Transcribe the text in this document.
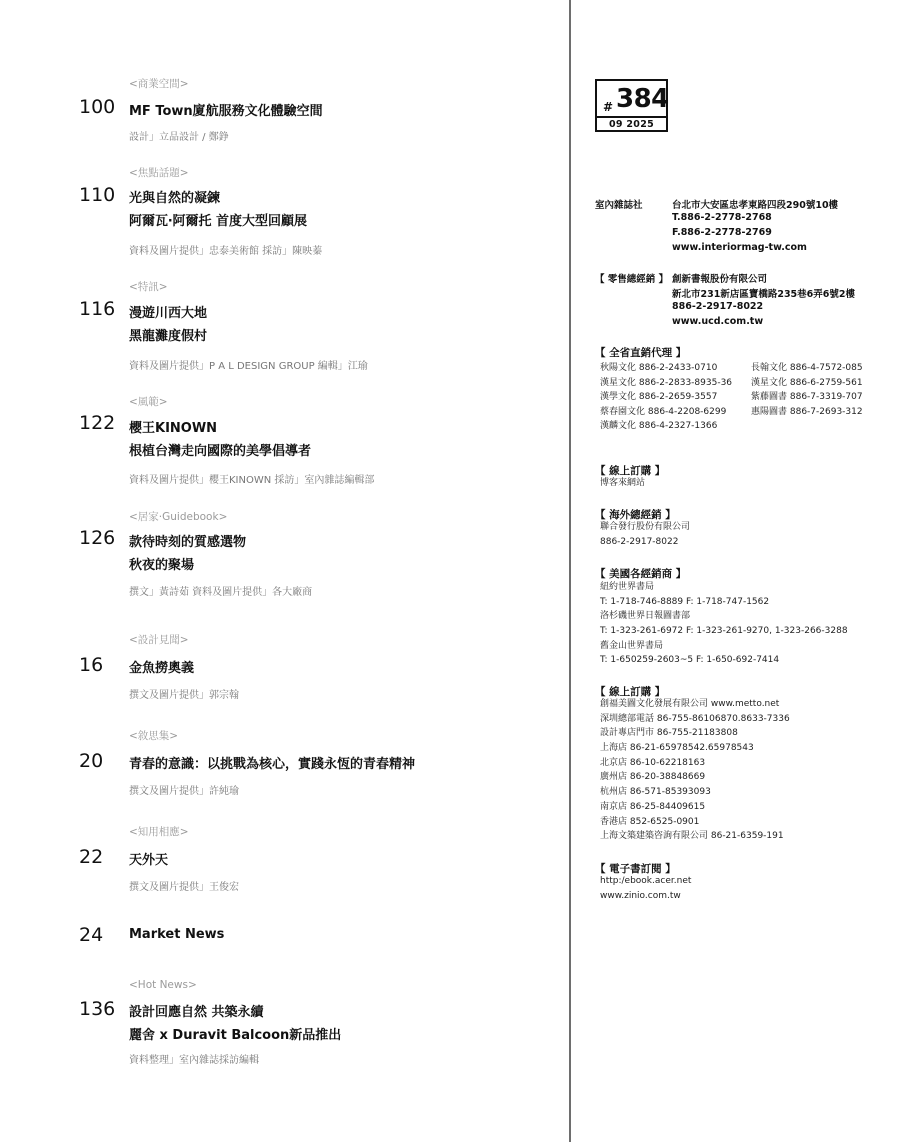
<商業空間>
100 MF Town廈航服務文化體驗空間
設計」立品設計 / 鄭錚
<焦點話題>
110 光與自然的凝鍊
阿爾瓦‧阿爾托 首度大型回顧展
資料及圖片提供」忠泰美術館 採訪」陳映蓁
<特訊>
116 漫遊川西大地
黑龍灘度假村
資料及圖片提供」P A L DESIGN GROUP 編輯」江瑜
<風範>
122 櫻王KINOWN
根植台灣走向國際的美學倡導者
資料及圖片提供」櫻王KINOWN 採訪」室內雜誌編輯部
<居家‧Guidebook>
126 款待時刻的質感選物
秋夜的聚場
撰文」黃詩茹 資料及圖片提供」各大廠商
<設計見聞>
16 金魚撈奧義
撰文及圖片提供」郭宗翰
<敘思集>
20 青春的意識：以挑戰為核心，實踐永恆的青春精神
撰文及圖片提供」許純瑜
<知用相應>
22 天外天
撰文及圖片提供」王俊宏
24 Market News
<Hot News>
136 設計回應自然 共築永續
麗舍 x Duravit Balcoon新品推出
資料整理」室內雜誌採訪編輯
# 384
09 2025
室內雜誌社	台北市大安區忠孝東路四段290號10樓
T.886-2-2778-2768
F.886-2-2778-2769
www.interiormag-tw.com
【 零售總經銷 】 創新書報股份有限公司
新北市231新店區寶橋路235巷6弄6號2樓
886-2-2917-8022
www.ucd.com.tw
【 全省直銷代理 】
秋陽文化 886-2-2433-0710
漢星文化 886-2-2833-8935-36
漢學文化 886-2-2659-3557
蔡春園文化 886-4-2208-6299
漢麟文化 886-4-2327-1366
長翰文化 886-4-7572-085
漢星文化 886-6-2759-561
紫藤圖書 886-7-3319-707
惠陽圖書 886-7-2693-312
【 線上訂購 】
博客來網站
【 海外總經銷 】
聯合發行股份有限公司
886-2-2917-8022
【 美國各經銷商 】
紐約世界書局
T: 1-718-746-8889 F: 1-718-747-1562
洛杉磯世界日報圖書部
T: 1-323-261-6972 F: 1-323-261-9270, 1-323-266-3288
舊金山世界書局
T: 1-650259-2603~5 F: 1-650-692-7414
【 線上訂購 】
創福美圖文化發展有限公司 www.metto.net
深圳總部電話 86-755-86106870.8633-7336
設計專店門市 86-755-21183808
上海店 86-21-65978542.65978543
北京店 86-10-62218163
廣州店 86-20-38848669
杭州店 86-571-85393093
南京店 86-25-84409615
香港店 852-6525-0901
上海文築建築咨詢有限公司 86-21-6359-191
【 電子書訂閱 】
http:/ebook.acer.net
www.zinio.com.tw
